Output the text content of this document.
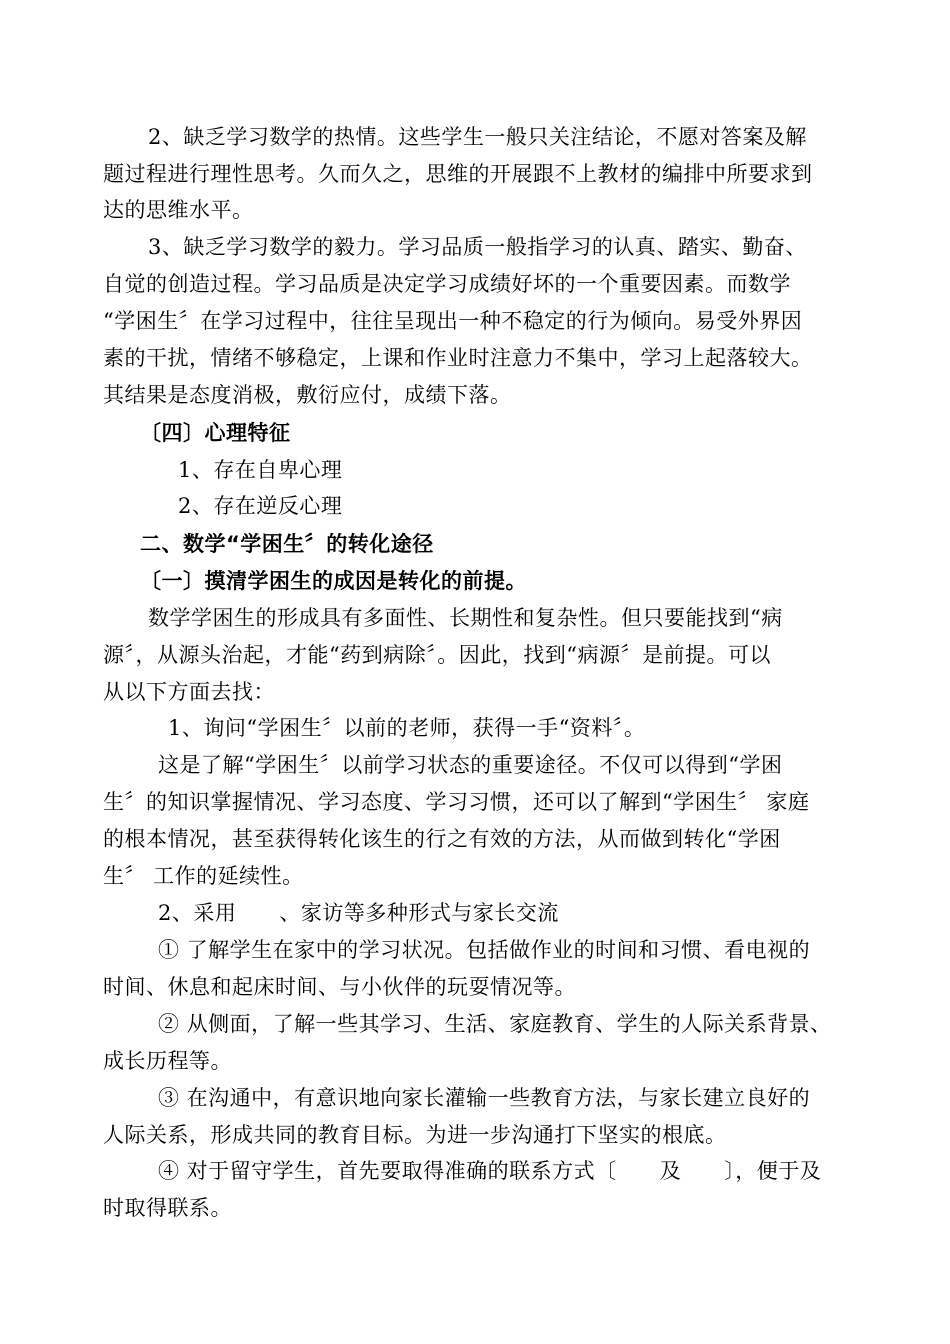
2、缺乏学习数学的热情。这些学生一般只关注结论，不愿对答案及解
题过程进行理性思考。久而久之，思维的开展跟不上教材的编排中所要求到
达的思维水平。
3、缺乏学习数学的毅力。学习品质一般指学习的认真、踏实、勤奋、
自觉的创造过程。学习品质是决定学习成绩好坏的一个重要因素。而数学
“学困生〞在学习过程中，往往呈现出一种不稳定的行为倾向。易受外界因
素的干扰，情绪不够稳定，上课和作业时注意力不集中，学习上起落较大。
其结果是态度消极，敷衍应付，成绩下落。
〔四〕心理特征
1、存在自卑心理
2、存在逆反心理
二、数学“学困生〞的转化途径
〔一〕摸清学困生的成因是转化的前提。
数学学困生的形成具有多面性、长期性和复杂性。但只要能找到“病
源〞，从源头治起，才能“药到病除〞。因此，找到“病源〞是前提。可以
从以下方面去找：
1、询问“学困生〞以前的老师，获得一手“资料〞。
这是了解“学困生〞以前学习状态的重要途径。不仅可以得到“学困
生〞的知识掌握情况、学习态度、学习习惯，还可以了解到“学困生〞 家庭
的根本情况，甚至获得转化该生的行之有效的方法，从而做到转化“学困
生〞 工作的延续性。
2、采用      、家访等多种形式与家长交流
① 了解学生在家中的学习状况。包括做作业的时间和习惯、看电视的
时间、休息和起床时间、与小伙伴的玩耍情况等。
② 从侧面，了解一些其学习、生活、家庭教育、学生的人际关系背景、
成长历程等。
③ 在沟通中，有意识地向家长灌输一些教育方法，与家长建立良好的
人际关系，形成共同的教育目标。为进一步沟通打下坚实的根底。
④ 对于留守学生，首先要取得准确的联系方式〔      及      〕，便于及
时取得联系。
